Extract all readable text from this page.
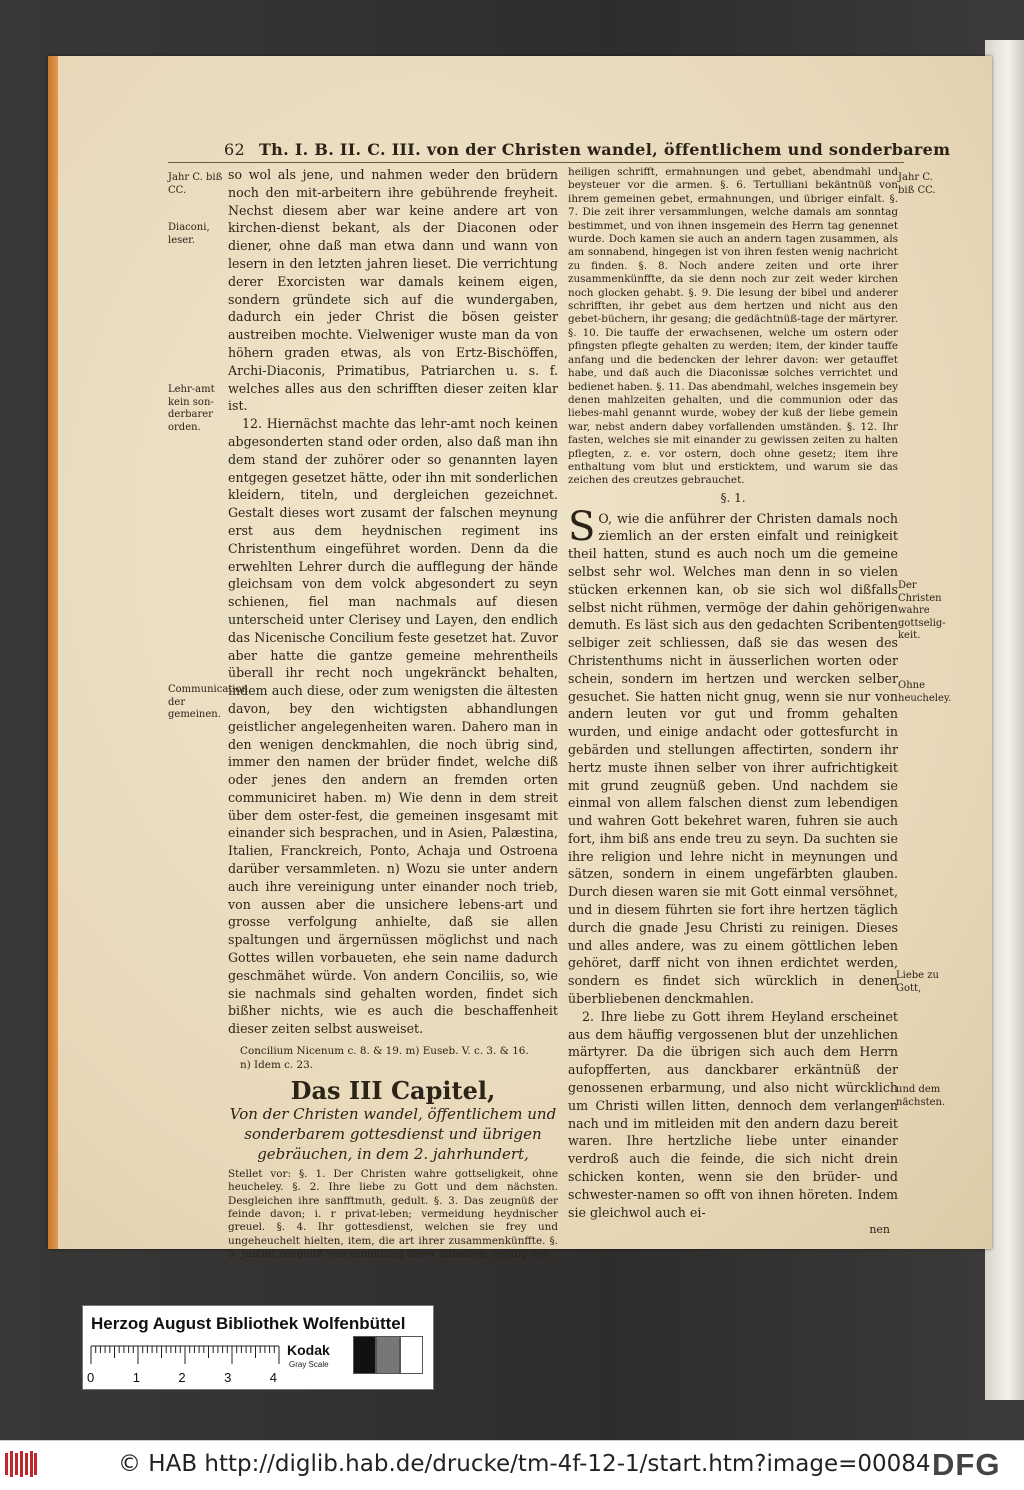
62 Th. I. B. II. C. III. von der Christen wandel, öffentlichem und sonderbarem
Jahr C. biß CC.
Diaconi, leser.
Lehr-amt kein son-derbarer orden.
Communication der gemeinen.
Jahr C. biß CC.
Der Christen wahre gottselig-keit.
Ohne heucheley.
Liebe zu Gott,
und dem nächsten.

so wol als jene, und nahmen weder den brüdern noch den mit-arbeitern ihre gebührende freyheit. Nechst diesem aber war keine andere art von kirchen-dienst bekant, als der Diaconen oder diener, ohne daß man etwa dann und wann von lesern in den letzten jahren lieset. Die verrichtung derer Exorcisten war damals keinem eigen, sondern gründete sich auf die wundergaben, dadurch ein jeder Christ die bösen geister austreiben mochte. Vielweniger wuste man da von höhern graden etwas, als von Ertz-Bischöffen, Archi-Diaconis, Primatibus, Patriarchen u. s. f. welches alles aus den schrifften dieser zeiten klar ist.

12. Hiernächst machte das lehr-amt noch keinen abgesonderten stand oder orden, also daß man ihn dem stand der zuhörer oder so genannten layen entgegen gesetzet hätte, oder ihn mit sonderlichen kleidern, titeln, und dergleichen gezeichnet. Gestalt dieses wort zusamt der falschen meynung erst aus dem heydnischen regiment ins Christenthum eingeführet worden. Denn da die erwehlten Lehrer durch die aufflegung der hände gleichsam von dem volck abgesondert zu seyn schienen, fiel man nachmals auf diesen unterscheid unter Clerisey und Layen, den endlich das Nicenische Concilium feste gesetzet hat. Zuvor aber hatte die gantze gemeine mehrentheils überall ihr recht noch ungekränckt behalten, indem auch diese, oder zum wenigsten die ältesten davon, bey den wichtigsten abhandlungen geistlicher angelegenheiten waren. Dahero man in den wenigen denckmahlen, die noch übrig sind, immer den namen der brüder findet, welche diß oder jenes den andern an fremden orten communiciret haben. m) Wie denn in dem streit über dem oster-fest, die gemeinen insgesamt mit einander sich besprachen, und in Asien, Palæstina, Italien, Franckreich, Ponto, Achaja und Ostroena darüber versammleten. n) Wozu sie unter andern auch ihre vereinigung unter einander noch trieb, von aussen aber die unsichere lebens-art und grosse verfolgung anhielte, daß sie allen spaltungen und ärgernüssen möglichst und nach Gottes willen vorbaueten, ehe sein name dadurch geschmähet würde. Von andern Conciliis, so, wie sie nachmals sind gehalten worden, findet sich bißher nichts, wie es auch die beschaffenheit dieser zeiten selbst ausweiset.

Concilium Nicenum c. 8. & 19. m) Euseb. V. c. 3. & 16.
n) Idem c. 23.
Das III Capitel,
Von der Christen wandel, öffentlichem und sonderbarem gottesdienst und übrigen gebräuchen, in dem 2. jahrhundert,

Stellet vor: §. 1. Der Christen wahre gottseligkeit, ohne heucheley. §. 2. Ihre liebe zu Gott und dem nächsten. Desgleichen ihre sanfftmuth, gedult. §. 3. Das zeugnüß der feinde davon; i. r privat-leben; vermeidung heydnischer greuel. §. 4. Ihr gottesdienst, welchen sie frey und ungeheuchelt hielten, item, die art ihrer zusammenkünffte. §. 5. Justini zeugnüß von sammlung derer allmosen, lesung der

heiligen schrifft, ermahnungen und gebet, abendmahl und beysteuer vor die armen. §. 6. Tertulliani bekäntnüß von ihrem gemeinen gebet, ermahnungen, und übriger einfalt. §. 7. Die zeit ihrer versammlungen, welche damals am sonntag bestimmet, und von ihnen insgemein des Herrn tag genennet wurde. Doch kamen sie auch an andern tagen zusammen, als am sonnabend, hingegen ist von ihren festen wenig nachricht zu finden. §. 8. Noch andere zeiten und orte ihrer zusammenkünffte, da sie denn noch zur zeit weder kirchen noch glocken gehabt. §. 9. Die lesung der bibel und anderer schrifften, ihr gebet aus dem hertzen und nicht aus den gebet-büchern, ihr gesang; die gedächtnüß-tage der märtyrer. §. 10. Die tauffe der erwachsenen, welche um ostern oder pfingsten pflegte gehalten zu werden; item, der kinder tauffe anfang und die bedencken der lehrer davon: wer getauffet habe, und daß auch die Diaconissæ solches verrichtet und bedienet haben. §. 11. Das abendmahl, welches insgemein bey denen mahlzeiten gehalten, und die communion oder das liebes-mahl genannt wurde, wobey der kuß der liebe gemein war, nebst andern dabey vorfallenden umständen. §. 12. Ihr fasten, welches sie mit einander zu gewissen zeiten zu halten pflegten, z. e. vor ostern, doch ohne gesetz; item ihre enthaltung vom blut und ersticktem, und warum sie das zeichen des creutzes gebrauchet.

§. 1.

S O, wie die anführer der Christen damals noch ziemlich an der ersten einfalt und reinigkeit theil hatten, stund es auch noch um die gemeine selbst sehr wol. Welches man denn in so vielen stücken erkennen kan, ob sie sich wol dißfalls selbst nicht rühmen, vermöge der dahin gehörigen demuth. Es läst sich aus den gedachten Scribenten selbiger zeit schliessen, daß sie das wesen des Christenthums nicht in äusserlichen worten oder schein, sondern im hertzen und wercken selber gesuchet. Sie hatten nicht gnug, wenn sie nur von andern leuten vor gut und fromm gehalten wurden, und einige andacht oder gottesfurcht in gebärden und stellungen affectirten, sondern ihr hertz muste ihnen selber von ihrer aufrichtigkeit mit grund zeugnüß geben. Und nachdem sie einmal von allem falschen dienst zum lebendigen und wahren Gott bekehret waren, fuhren sie auch fort, ihm biß ans ende treu zu seyn. Da suchten sie ihre religion und lehre nicht in meynungen und sätzen, sondern in einem ungefärbten glauben. Durch diesen waren sie mit Gott einmal versöhnet, und in diesem führten sie fort ihre hertzen täglich durch die gnade Jesu Christi zu reinigen. Dieses und alles andere, was zu einem göttlichen leben gehöret, darff nicht von ihnen erdichtet werden, sondern es findet sich würcklich in denen überbliebenen denckmahlen.

2. Ihre liebe zu Gott ihrem Heyland erscheinet aus dem häuffig vergossenen blut der unzehlichen märtyrer. Da die übrigen sich auch dem Herrn aufopfferten, aus danckbarer erkäntnüß der genossenen erbarmung, und also nicht würcklich um Christi willen litten, dennoch dem verlangen nach und im mitleiden mit den andern dazu bereit waren. Ihre hertzliche liebe unter einander verdroß auch die feinde, die sich nicht drein schicken konten, wenn sie den brüder- und schwester-namen so offt von ihnen höreten. Indem sie gleichwol auch ei-

nen
Herzog August Bibliothek Wolfenbüttel
Kodak
Gray Scale
0	1	2	3	4
© HAB http://diglib.hab.de/drucke/tm-4f-12-1/start.htm?image=00084 DFG
